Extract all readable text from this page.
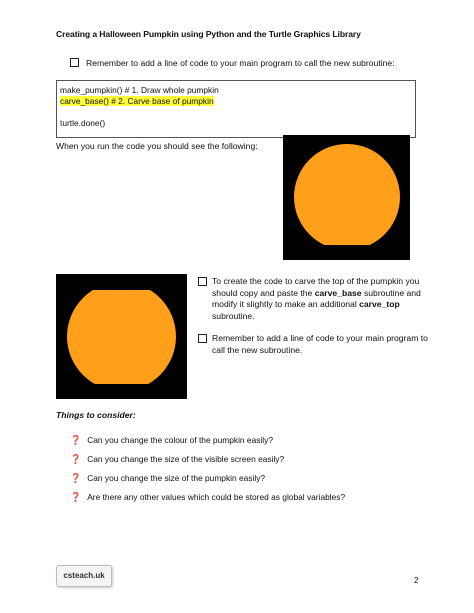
Creating a Halloween Pumpkin using Python and the Turtle Graphics Library
Remember to add a line of code to your main program to call the new subroutine:
make_pumpkin() # 1. Draw whole pumpkin
carve_base() # 2. Carve base of pumpkin
turtle.done()
When you run the code you should see the following:
To create the code to carve the top of the pumpkin you should copy and paste the carve_base subroutine and modify it slightly to make an additional carve_top subroutine.
Remember to add a line of code to your main program to call the new subroutine.
Things to consider:
❓ Can you change the colour of the pumpkin easily?
❓ Can you change the size of the visible screen easily?
❓ Can you change the size of the pumpkin easily?
❓ Are there any other values which could be stored as global variables?
csteach.uk
2
